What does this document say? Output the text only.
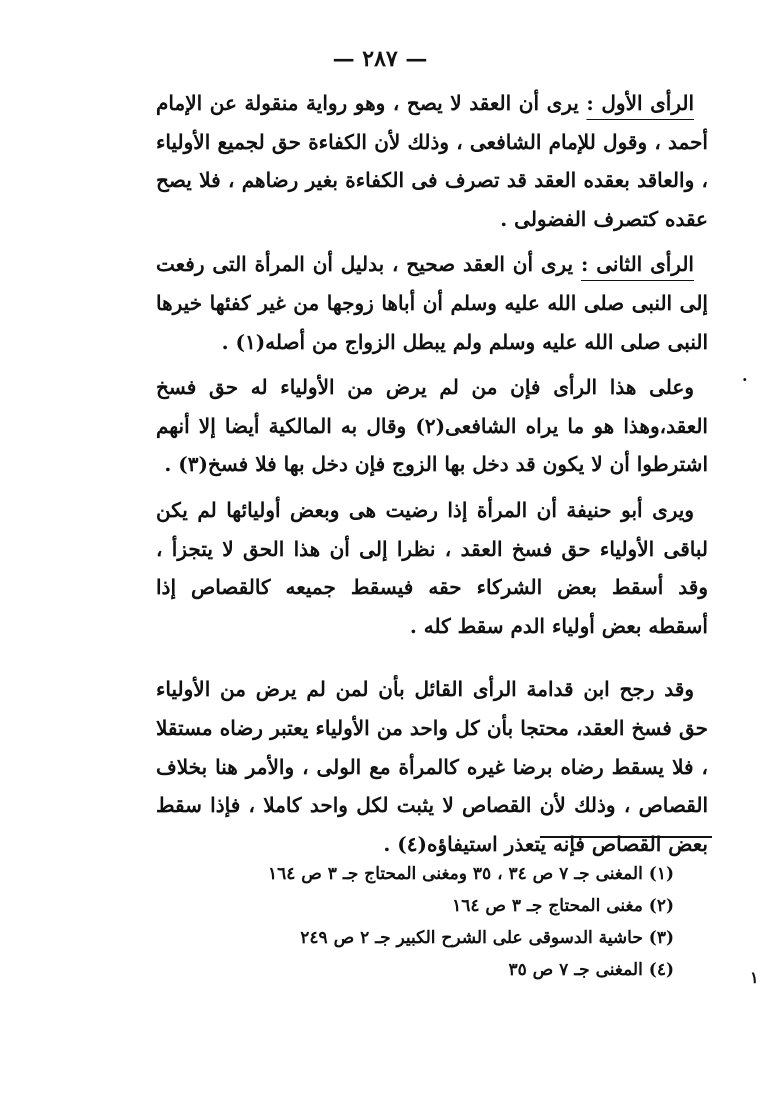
— ٢٨٧ —

الرأى الأول : يرى أن العقد لا يصح ، وهو رواية منقولة عن الإمام أحمد ، وقول للإمام الشافعى ، وذلك لأن الكفاءة حق لجميع الأولياء ، والعاقد بعقده العقد قد تصرف فى الكفاءة بغير رضاهم ، فلا يصح عقده كتصرف الفضولى .

الرأى الثانى : يرى أن العقد صحيح ، بدليل أن المرأة التى رفعت إلى النبى صلى الله عليه وسلم أن أباها زوجها من غير كفئها خيرها النبى صلى الله عليه وسلم ولم يبطل الزواج من أصله(١) .

وعلى هذا الرأى فإن من لم يرض من الأولياء له حق فسخ العقد،وهذا هو ما يراه الشافعى(٢) وقال به المالكية أيضا إلا أنهم اشترطوا أن لا يكون قد دخل بها الزوج فإن دخل بها فلا فسخ(٣) .

ويرى أبو حنيفة أن المرأة إذا رضيت هى وبعض أوليائها لم يكن لباقى الأولياء حق فسخ العقد ، نظرا إلى أن هذا الحق لا يتجزأ ، وقد أسقط بعض الشركاء حقه فيسقط جميعه كالقصاص إذا أسقطه بعض أولياء الدم سقط كله .

وقد رجح ابن قدامة الرأى القائل بأن لمن لم يرض من الأولياء حق فسخ العقد، محتجا بأن كل واحد من الأولياء يعتبر رضاه مستقلا ، فلا يسقط رضاه برضا غيره كالمرأة مع الولى ، والأمر هنا بخلاف القصاص ، وذلك لأن القصاص لا يثبت لكل واحد كاملا ، فإذا سقط بعض القصاص فإنه يتعذر استيفاؤه(٤) .

(١) المغنى جـ ٧ ص ٣٤ ، ٣٥ ومغنى المحتاج جـ ٣ ص ١٦٤

(٢) مغنى المحتاج جـ ٣ ص ١٦٤

(٣) حاشية الدسوقى على الشرح الكبير جـ ٢ ص ٢٤٩

(٤) المغنى جـ ٧ ص ٣٥

.
١
